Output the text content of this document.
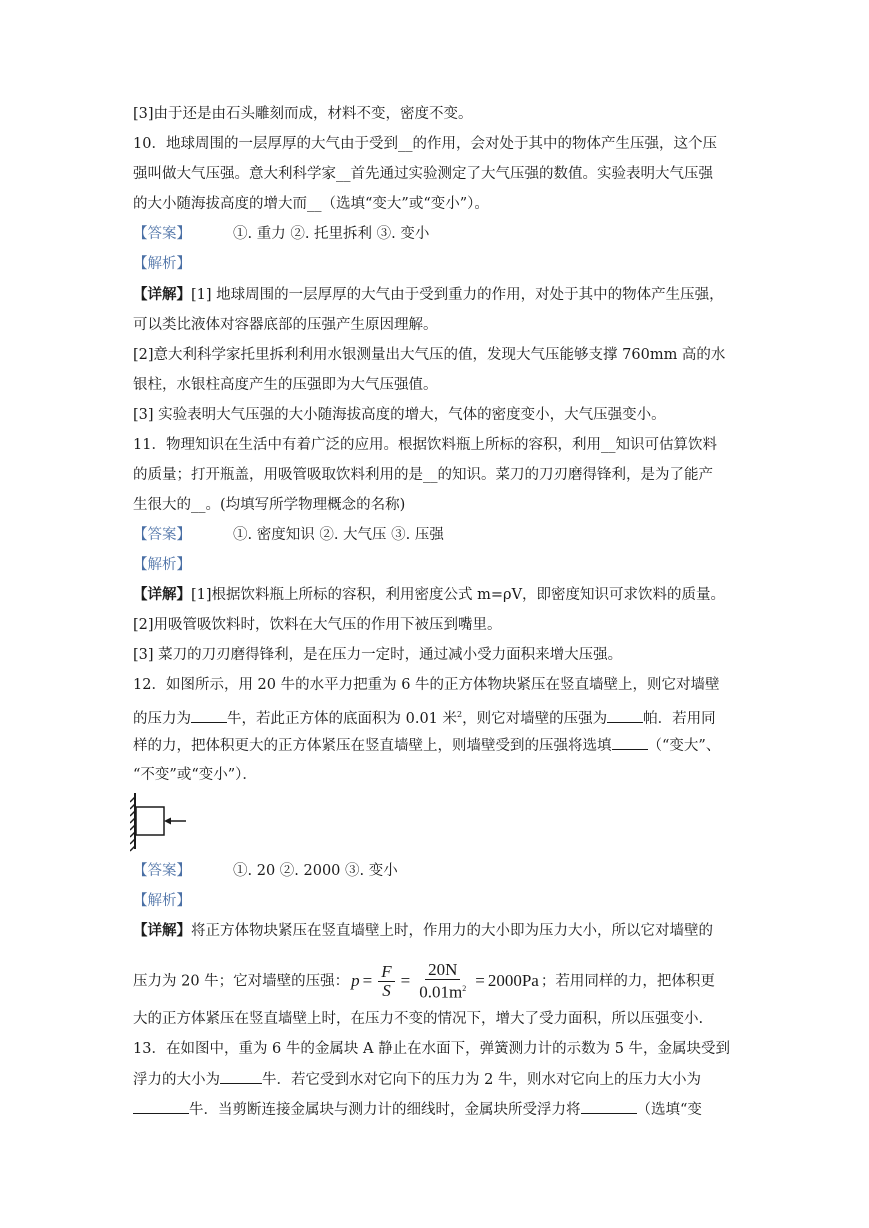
[3]由于还是由石头雕刻而成，材料不变，密度不变。
10．地球周围的一层厚厚的大气由于受到__的作用，会对处于其中的物体产生压强，这个压
强叫做大气压强。意大利科学家__首先通过实验测定了大气压强的数值。实验表明大气压强
的大小随海拔高度的增大而__（选填“变大”或“变小”）。
【答案】	①. 重力 ②. 托里拆利 ③. 变小
【解析】
【详解】[1] 地球周围的一层厚厚的大气由于受到重力的作用，对处于其中的物体产生压强，
可以类比液体对容器底部的压强产生原因理解。
[2]意大利科学家托里拆利利用水银测量出大气压的值，发现大气压能够支撑 760mm 高的水
银柱，水银柱高度产生的压强即为大气压强值。
[3] 实验表明大气压强的大小随海拔高度的增大，气体的密度变小，大气压强变小。
11．物理知识在生活中有着广泛的应用。根据饮料瓶上所标的容积，利用__知识可估算饮料
的质量；打开瓶盖，用吸管吸取饮料利用的是__的知识。菜刀的刀刃磨得锋利，是为了能产
生很大的__。(均填写所学物理概念的名称)
【答案】	①. 密度知识 ②. 大气压 ③. 压强
【解析】
【详解】[1]根据饮料瓶上所标的容积，利用密度公式 m=ρV，即密度知识可求饮料的质量。
[2]用吸管吸饮料时，饮料在大气压的作用下被压到嘴里。
[3] 菜刀的刀刃磨得锋利，是在压力一定时，通过减小受力面积来增大压强。
12．如图所示，用 20 牛的水平力把重为 6 牛的正方体物块紧压在竖直墙壁上，则它对墙壁
的压力为 牛，若此正方体的底面积为 0.01 米$^2$，则它对墙壁的压强为 帕．若用同
样的力，把体积更大的正方体紧压在竖直墙壁上，则墙壁受到的压强将选填 （“变大”、
“不变”或“变小”）．
【答案】	①. 20 ②. 2000 ③. 变小
【解析】
【详解】将正方体物块紧压在竖直墙壁上时，作用力的大小即为压力大小，所以它对墙壁的
压力为 20 牛；它对墙壁的压强： $p = \frac{F}{S} = \frac{20N}{0.01m^2} = 2000Pa$ ；若用同样的力，把体积更
大的正方体紧压在竖直墙壁上时，在压力不变的情况下，增大了受力面积，所以压强变小.
13．在如图中，重为 6 牛的金属块 A 静止在水面下，弹簧测力计的示数为 5 牛，金属块受到
浮力的大小为	牛．若它受到水对它向下的压力为 2 牛，则水对它向上的压力大小为
牛．当剪断连接金属块与测力计的细线时，金属块所受浮力将	（选填“变
